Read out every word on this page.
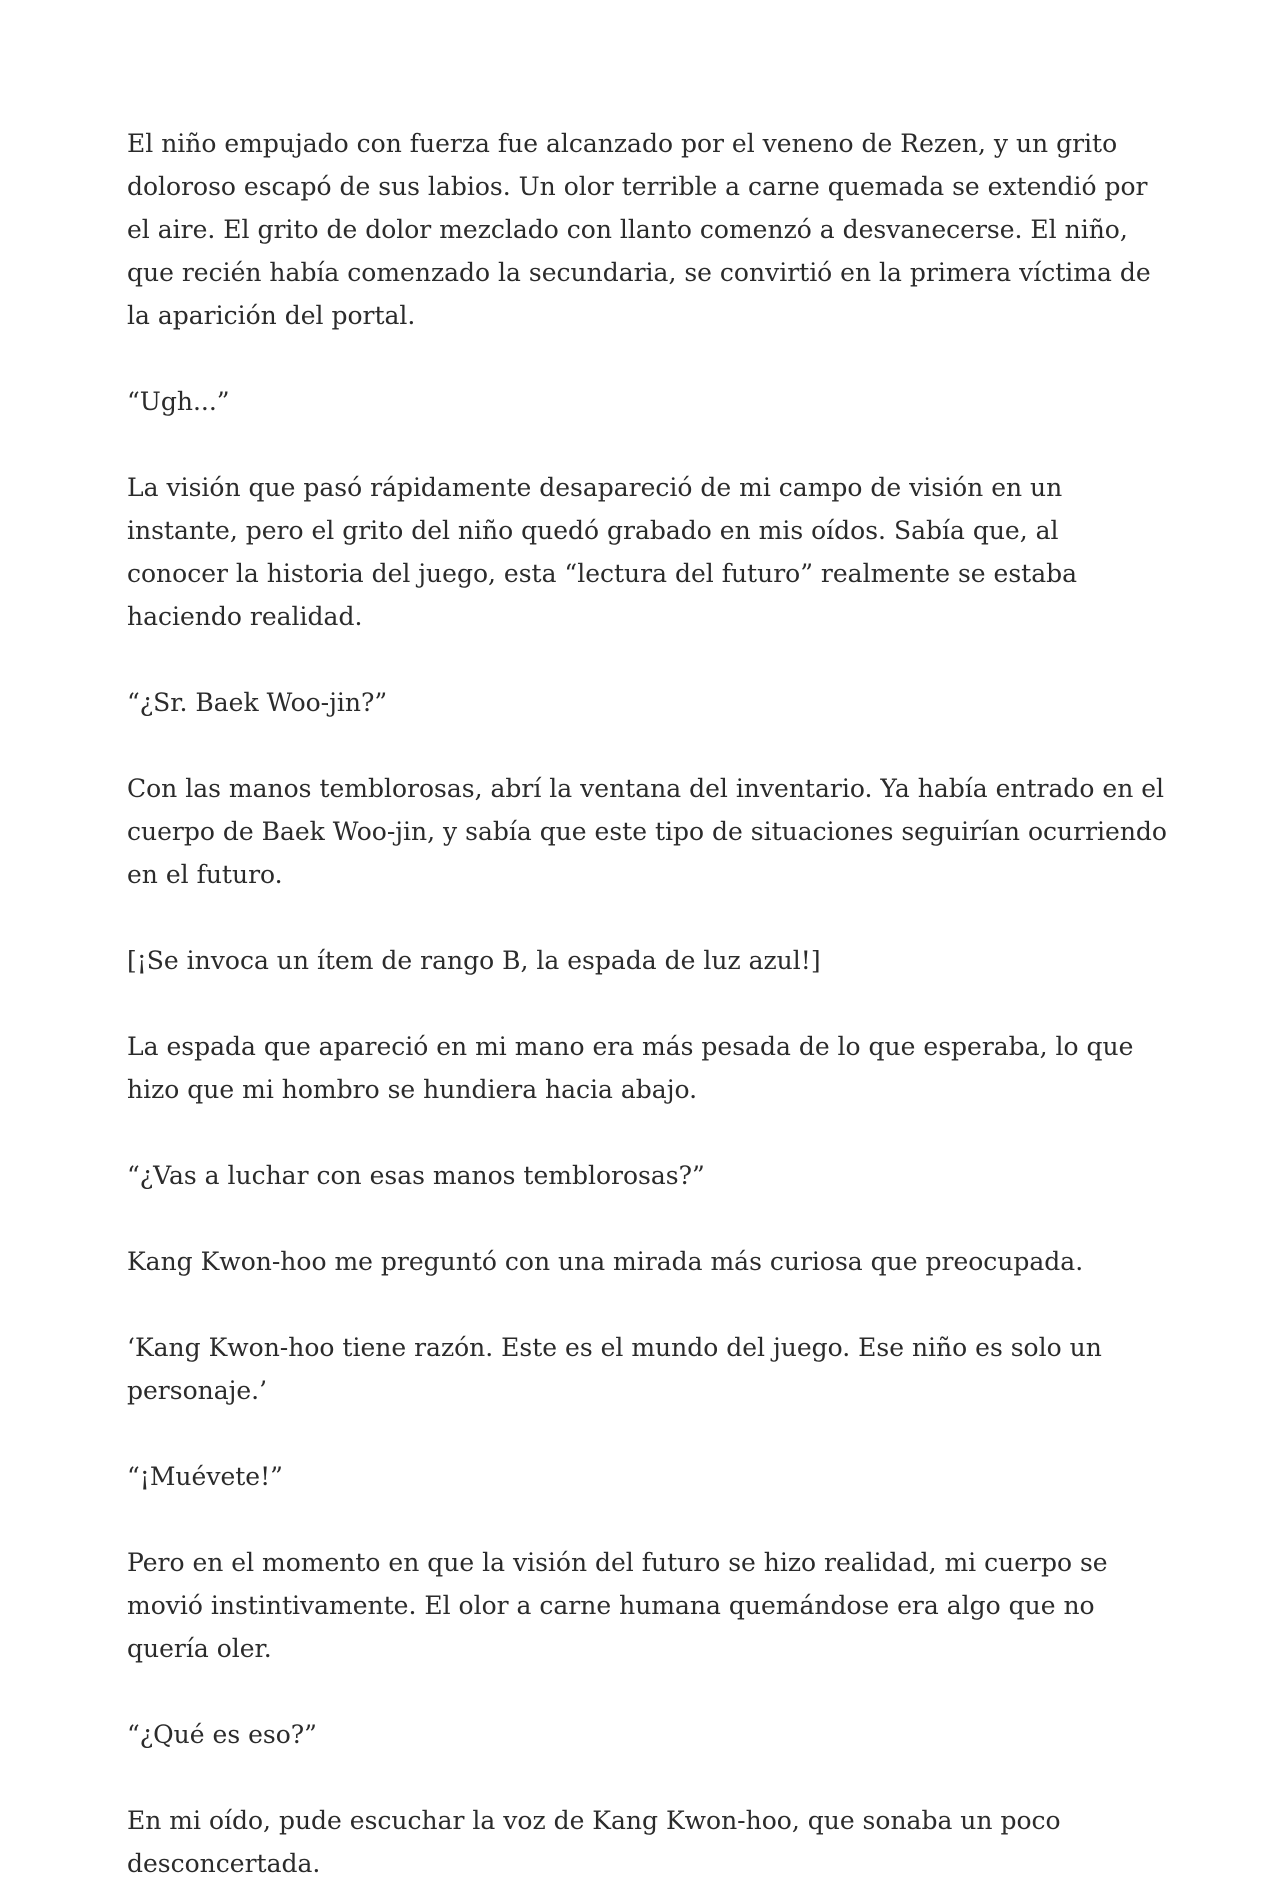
El niño empujado con fuerza fue alcanzado por el veneno de Rezen, y un grito doloroso escapó de sus labios. Un olor terrible a carne quemada se extendió por el aire. El grito de dolor mezclado con llanto comenzó a desvanecerse. El niño, que recién había comenzado la secundaria, se convirtió en la primera víctima de la aparición del portal.

“Ugh...”

La visión que pasó rápidamente desapareció de mi campo de visión en un instante, pero el grito del niño quedó grabado en mis oídos. Sabía que, al conocer la historia del juego, esta “lectura del futuro” realmente se estaba haciendo realidad.

“¿Sr. Baek Woo-jin?”

Con las manos temblorosas, abrí la ventana del inventario. Ya había entrado en el cuerpo de Baek Woo-jin, y sabía que este tipo de situaciones seguirían ocurriendo en el futuro.

[¡Se invoca un ítem de rango B, la espada de luz azul!]

La espada que apareció en mi mano era más pesada de lo que esperaba, lo que hizo que mi hombro se hundiera hacia abajo.

“¿Vas a luchar con esas manos temblorosas?”

Kang Kwon-hoo me preguntó con una mirada más curiosa que preocupada.

‘Kang Kwon-hoo tiene razón. Este es el mundo del juego. Ese niño es solo un personaje.’

“¡Muévete!”

Pero en el momento en que la visión del futuro se hizo realidad, mi cuerpo se movió instintivamente. El olor a carne humana quemándose era algo que no quería oler.

“¿Qué es eso?”

En mi oído, pude escuchar la voz de Kang Kwon-hoo, que sonaba un poco desconcertada.
